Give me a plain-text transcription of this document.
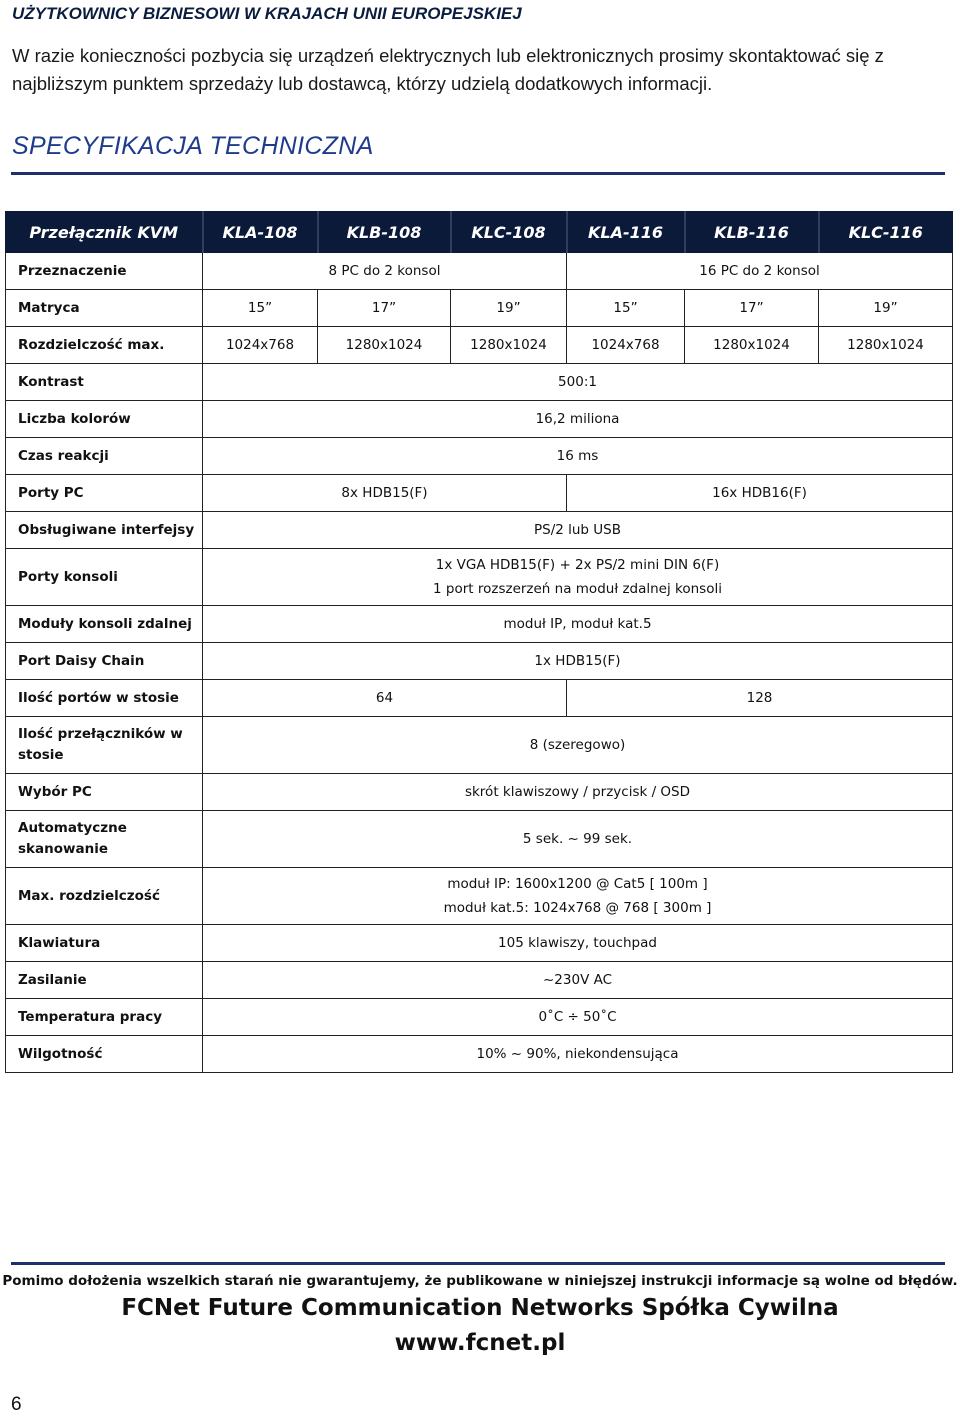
UŻYTKOWNICY BIZNESOWI W KRAJACH UNII EUROPEJSKIEJ

W razie konieczności pozbycia się urządzeń elektrycznych lub elektronicznych prosimy skontaktować się z najbliższym punktem sprzedaży lub dostawcą, którzy udzielą dodatkowych informacji.

SPECYFIKACJA TECHNICZNA
Przełącznik KVM	KLA-108	KLB-108	KLC-108	KLA-116	KLB-116	KLC-116
Przeznaczenie	8 PC do 2 konsol			16 PC do 2 konsol		
Matryca	15”	17”	19”	15”	17”	19”
Rozdzielczość max.	1024x768	1280x1024	1280x1024	1024x768	1280x1024	1280x1024
Kontrast	500:1					
Liczba kolorów	16,2 miliona					
Czas reakcji	16 ms					
Porty PC	8x HDB15(F)			16x HDB16(F)		
Obsługiwane interfejsy	PS/2 lub USB					
Porty konsoli	1x VGA HDB15(F) + 2x PS/2 mini DIN 6(F)
1 port rozszerzeń na moduł zdalnej konsoli					

Moduły konsoli zdalnej	moduł IP, moduł kat.5					
Port Daisy Chain	1x HDB15(F)					
Ilość portów w stosie	64			128		
Ilość przełączników w stosie	8 (szeregowo)					
Wybór PC	skrót klawiszowy / przycisk / OSD					
Automatyczne skanowanie	5 sek. ~ 99 sek.					
Max. rozdzielczość	moduł IP: 1600x1200 @ Cat5 [ 100m ]
moduł kat.5: 1024x768 @ 768 [ 300m ]					

Klawiatura	105 klawiszy, touchpad					
Zasilanie	~230V AC					
Temperatura pracy	0˚C ÷ 50˚C					
Wilgotność	10% ~ 90%, niekondensująca					

Pomimo dołożenia wszelkich starań nie gwarantujemy, że publikowane w niniejszej instrukcji informacje są wolne od błędów.

FCNet Future Communication Networks Spółka Cywilna

www.fcnet.pl

6
